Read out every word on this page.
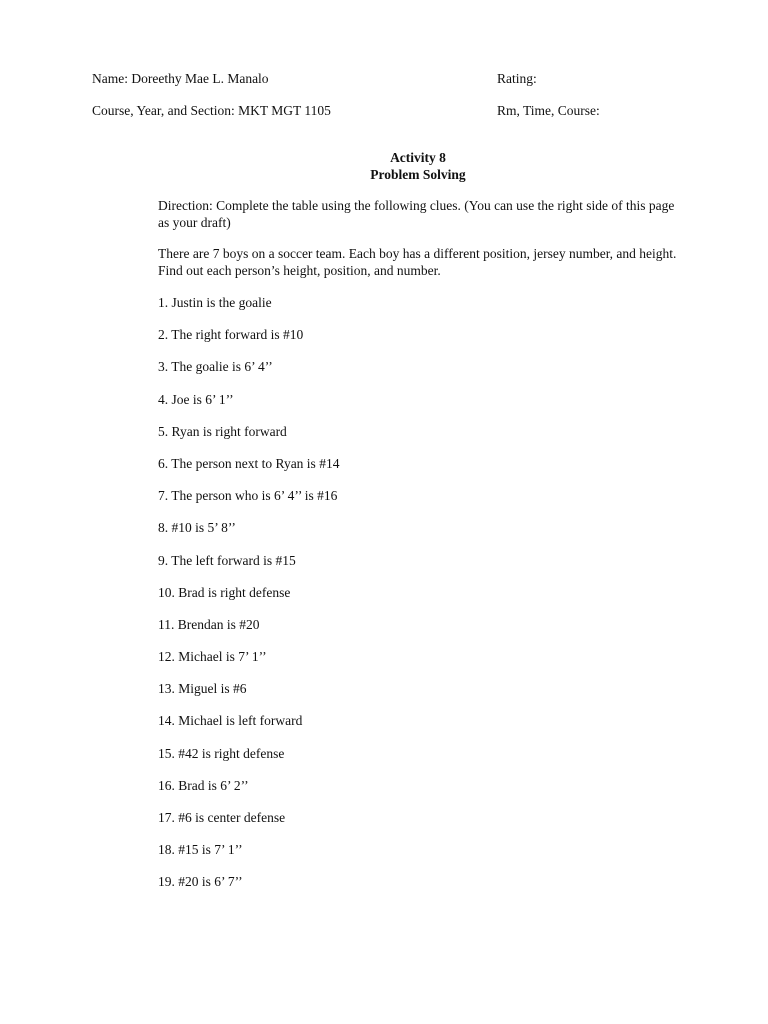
Name: Doreethy Mae L. Manalo	Rating:
Course, Year, and Section: MKT MGT 1105	Rm, Time, Course:
Activity 8
Problem Solving
Direction: Complete the table using the following clues. (You can use the right side of this page as your draft)
There are 7 boys on a soccer team. Each boy has a different position, jersey number, and height. Find out each person’s height, position, and number.
1. Justin is the goalie
2. The right forward is #10
3. The goalie is 6’ 4’’
4. Joe is 6’ 1’’
5. Ryan is right forward
6. The person next to Ryan is #14
7. The person who is 6’ 4’’ is #16
8. #10 is 5’ 8’’
9. The left forward is #15
10. Brad is right defense
11. Brendan is #20
12. Michael is 7’ 1’’
13. Miguel is #6
14. Michael is left forward
15. #42 is right defense
16. Brad is 6’ 2’’
17. #6 is center defense
18. #15 is 7’ 1’’
19. #20 is 6’ 7’’
